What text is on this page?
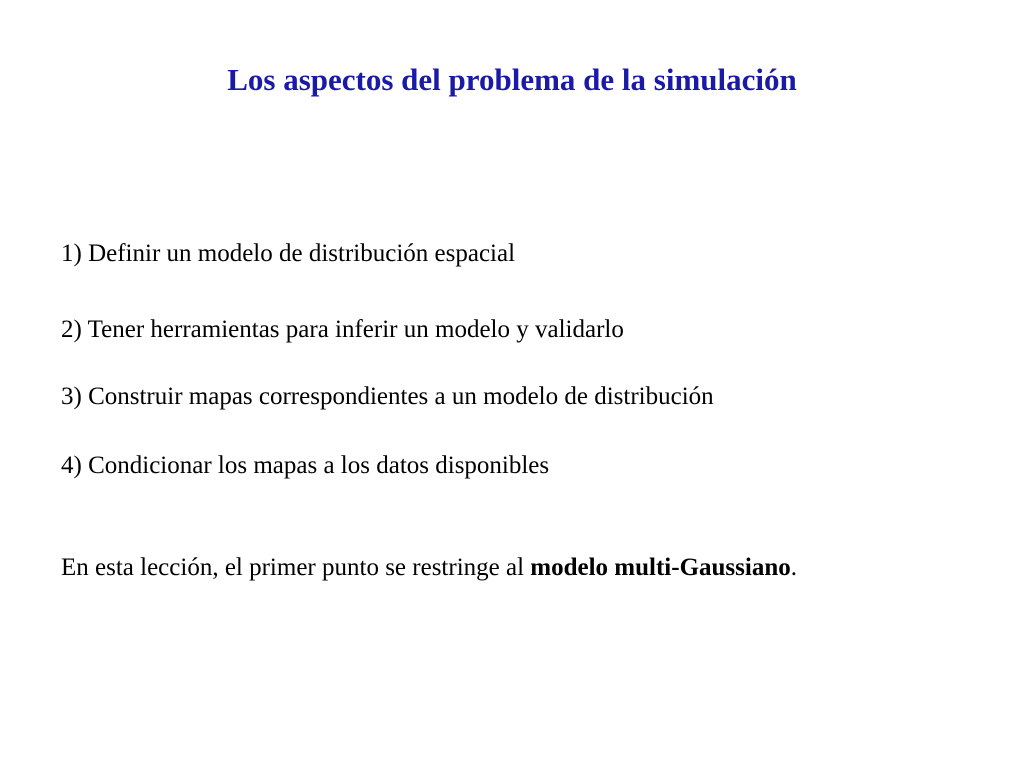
Los aspectos del problema de la simulación
1) Definir un modelo de distribución espacial
2) Tener herramientas para inferir un modelo y validarlo
3) Construir mapas correspondientes a un modelo de distribución
4) Condicionar los mapas a los datos disponibles
En esta lección, el primer punto se restringe al modelo multi-Gaussiano.
